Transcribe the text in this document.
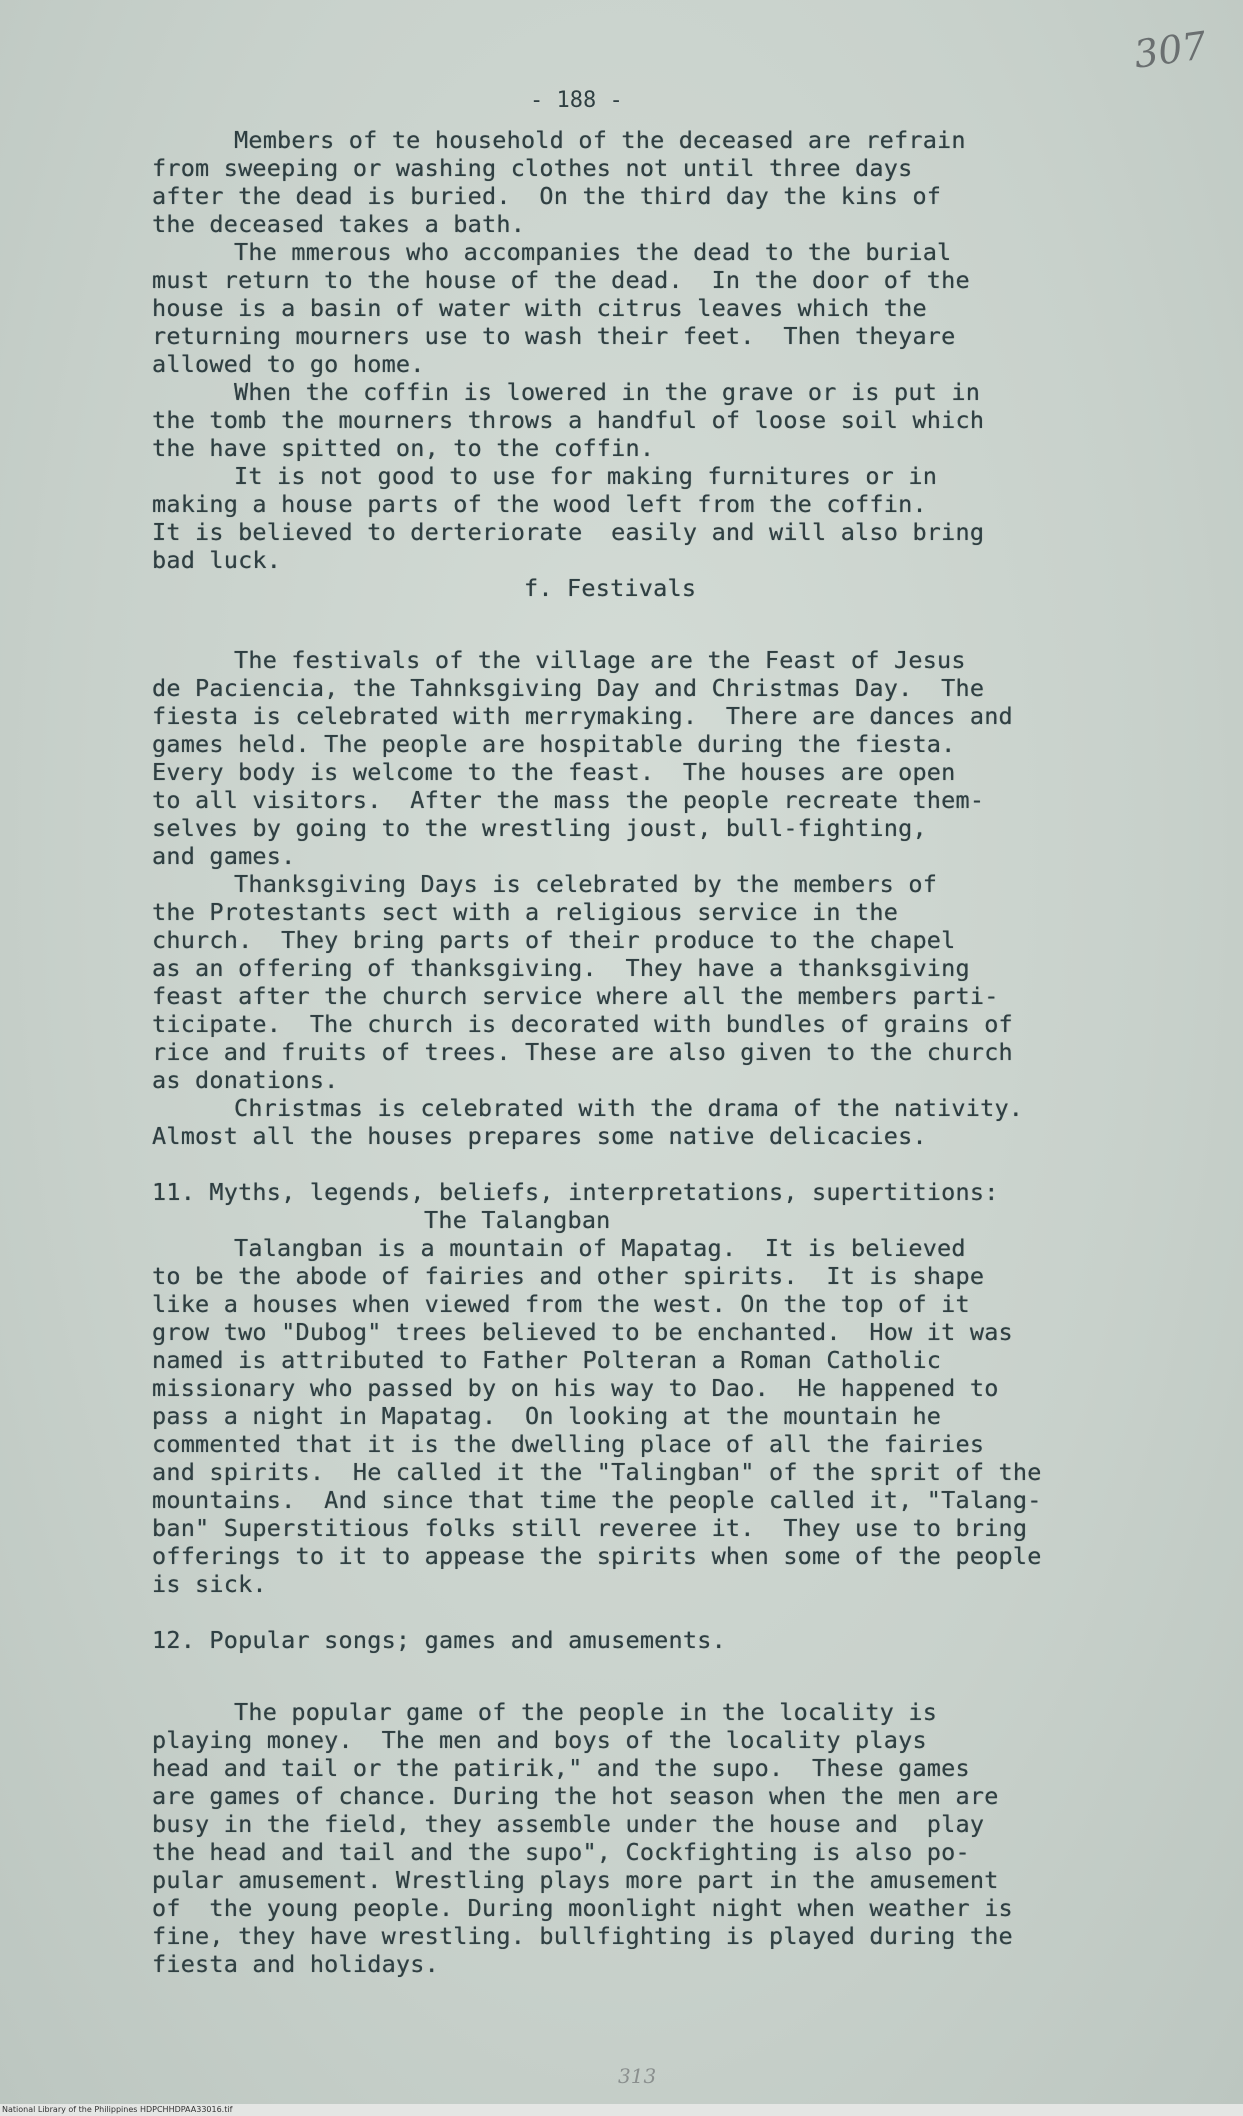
307
- 188 -
Members of te household of the deceased are refrain
from sweeping or washing clothes not until three days
after the dead is buried.  On the third day the kins of
the deceased takes a bath.
The mmerous who accompanies the dead to the burial
must return to the house of the dead.  In the door of the
house is a basin of water with citrus leaves which the
returning mourners use to wash their feet.  Then theyare
allowed to go home.
When the coffin is lowered in the grave or is put in
the tomb the mourners throws a handful of loose soil which
the have spitted on, to the coffin.
It is not good to use for making furnitures or in
making a house parts of the wood left from the coffin.
It is believed to derteriorate  easily and will also bring
bad luck.
f. Festivals
The festivals of the village are the Feast of Jesus
de Paciencia, the Tahnksgiving Day and Christmas Day.  The
fiesta is celebrated with merrymaking.  There are dances and
games held. The people are hospitable during the fiesta.
Every body is welcome to the feast.  The houses are open
to all visitors.  After the mass the people recreate them-
selves by going to the wrestling joust, bull-fighting,
and games.
Thanksgiving Days is celebrated by the members of
the Protestants sect with a religious service in the
church.  They bring parts of their produce to the chapel
as an offering of thanksgiving.  They have a thanksgiving
feast after the church service where all the members parti-
ticipate.  The church is decorated with bundles of grains of
rice and fruits of trees. These are also given to the church
as donations.
Christmas is celebrated with the drama of the nativity.
Almost all the houses prepares some native delicacies.
11. Myths, legends, beliefs, interpretations, supertitions:
The Talangban
Talangban is a mountain of Mapatag.  It is believed
to be the abode of fairies and other spirits.  It is shape
like a houses when viewed from the west. On the top of it
grow two "Dubog" trees believed to be enchanted.  How it was
named is attributed to Father Polteran a Roman Catholic
missionary who passed by on his way to Dao.  He happened to
pass a night in Mapatag.  On looking at the mountain he
commented that it is the dwelling place of all the fairies
and spirits.  He called it the "Talingban" of the sprit of the
mountains.  And since that time the people called it, "Talang-
ban" Superstitious folks still reveree it.  They use to bring
offerings to it to appease the spirits when some of the people
is sick.
12. Popular songs; games and amusements.
The popular game of the people in the locality is
playing money.  The men and boys of the locality plays
head and tail or the patirik," and the supo.  These games
are games of chance. During the hot season when the men are
busy in the field, they assemble under the house and  play
the head and tail and the supo", Cockfighting is also po-
pular amusement. Wrestling plays more part in the amusement
of  the young people. During moonlight night when weather is
fine, they have wrestling. bullfighting is played during the
fiesta and holidays.
313
National Library of the Philippines HDPCHHDPAA33016.tif
